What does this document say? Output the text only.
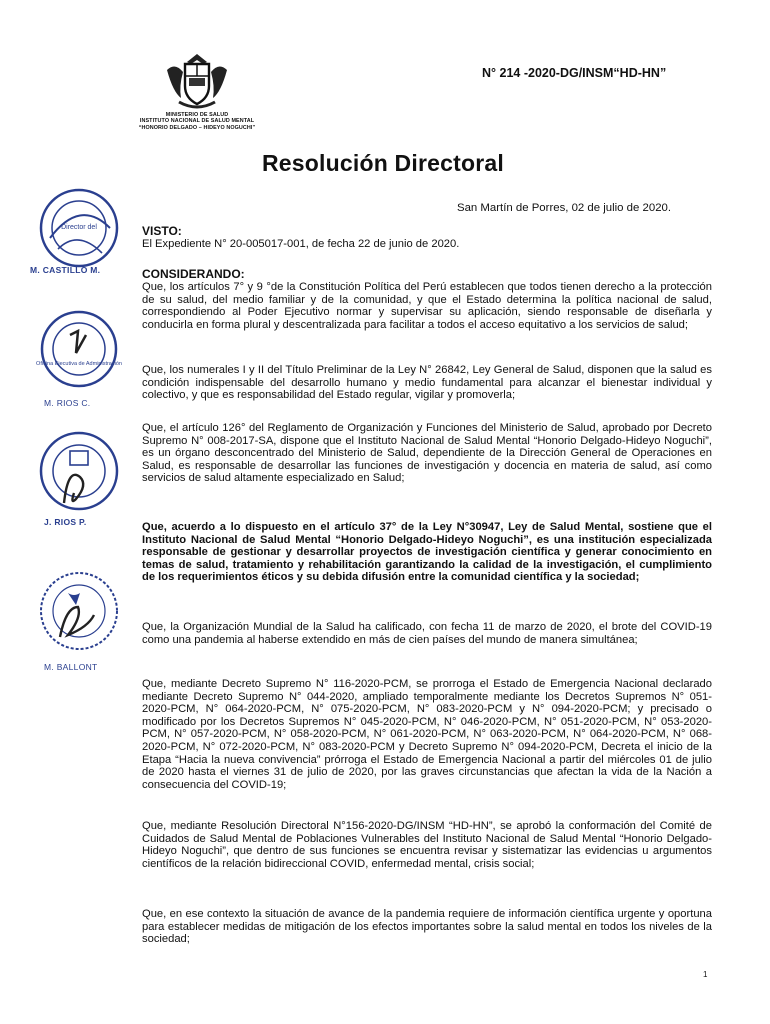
MINISTERIO DE SALUD
INSTITUTO NACIONAL DE SALUD MENTAL
“HONORIO DELGADO – HIDEYO NOGUCHI”
N° 214 -2020-DG/INSM“HD-HN”
Resolución Directoral
San Martín de Porres, 02 de julio de 2020.
VISTO:
El Expediente N° 20-005017-001, de fecha 22 de junio de 2020.
CONSIDERANDO:
Que, los artículos 7° y 9 °de la Constitución Política del Perú establecen que todos tienen derecho a la protección de su salud, del medio familiar y de la comunidad, y que el Estado determina la política nacional de salud, correspondiendo al Poder Ejecutivo normar y supervisar su aplicación, siendo responsable de diseñarla y conducirla en forma plural y descentralizada para facilitar a todos el acceso equitativo a los servicios de salud;
Que, los numerales I y II del Título Preliminar de la Ley N° 26842, Ley General de Salud, disponen que la salud es condición indispensable del desarrollo humano y medio fundamental para alcanzar el bienestar individual y colectivo, y que es responsabilidad del Estado regular, vigilar y promoverla;
Que, el artículo 126° del Reglamento de Organización y Funciones del Ministerio de Salud, aprobado por Decreto Supremo N° 008-2017-SA, dispone que el Instituto Nacional de Salud Mental “Honorio Delgado-Hideyo Noguchi”, es un órgano desconcentrado del Ministerio de Salud, dependiente de la Dirección General de Operaciones en Salud, es responsable de desarrollar las funciones de investigación y docencia en materia de salud, así como servicios de salud altamente especializado en Salud;
Que, acuerdo a lo dispuesto en el artículo 37° de la Ley N°30947, Ley de Salud Mental, sostiene que el Instituto Nacional de Salud Mental “Honorio Delgado-Hideyo Noguchi”, es una institución especializada responsable de gestionar y desarrollar proyectos de investigación científica y generar conocimiento en temas de salud, tratamiento y rehabilitación garantizando la calidad de la investigación, el cumplimiento de los requerimientos éticos y su debida difusión entre la comunidad científica y la sociedad;
Que, la Organización Mundial de la Salud ha calificado, con fecha 11 de marzo de 2020, el brote del COVID-19 como una pandemia al haberse extendido en más de cien países del mundo de manera simultánea;
Que, mediante Decreto Supremo N° 116-2020-PCM, se prorroga el Estado de Emergencia Nacional declarado mediante Decreto Supremo N° 044-2020, ampliado temporalmente mediante los Decretos Supremos N° 051-2020-PCM, N° 064-2020-PCM, N° 075-2020-PCM, N° 083-2020-PCM y N° 094-2020-PCM; y precisado o modificado por los Decretos Supremos N° 045-2020-PCM, N° 046-2020-PCM, N° 051-2020-PCM, N° 053-2020-PCM, N° 057-2020-PCM, N° 058-2020-PCM, N° 061-2020-PCM, N° 063-2020-PCM, N° 064-2020-PCM, N° 068-2020-PCM, N° 072-2020-PCM, N° 083-2020-PCM y Decreto Supremo N° 094-2020-PCM, Decreta el inicio de la Etapa “Hacia la nueva convivencia” prórroga el Estado de Emergencia Nacional a partir del miércoles 01 de julio de 2020 hasta el viernes 31 de julio de 2020, por las graves circunstancias que afectan la vida de la Nación a consecuencia del COVID-19;
Que, mediante Resolución Directoral N°156-2020-DG/INSM “HD-HN”, se aprobó la conformación del Comité de Cuidados de Salud Mental de Poblaciones Vulnerables del Instituto Nacional de Salud Mental “Honorio Delgado-Hideyo Noguchi”, que dentro de sus funciones se encuentra revisar y sistematizar las evidencias u argumentos científicos de la relación bidireccional COVID, enfermedad mental, crisis social;
Que, en ese contexto la situación de avance de la pandemia requiere de información científica urgente y oportuna para establecer medidas de mitigación de los efectos importantes sobre la salud mental en todos los niveles de la sociedad;
Director del
M. CASTILLO M.
Oficina Ejecutiva de Administración
M. RIOS C.
J. RIOS P.
M. BALLONT
1
